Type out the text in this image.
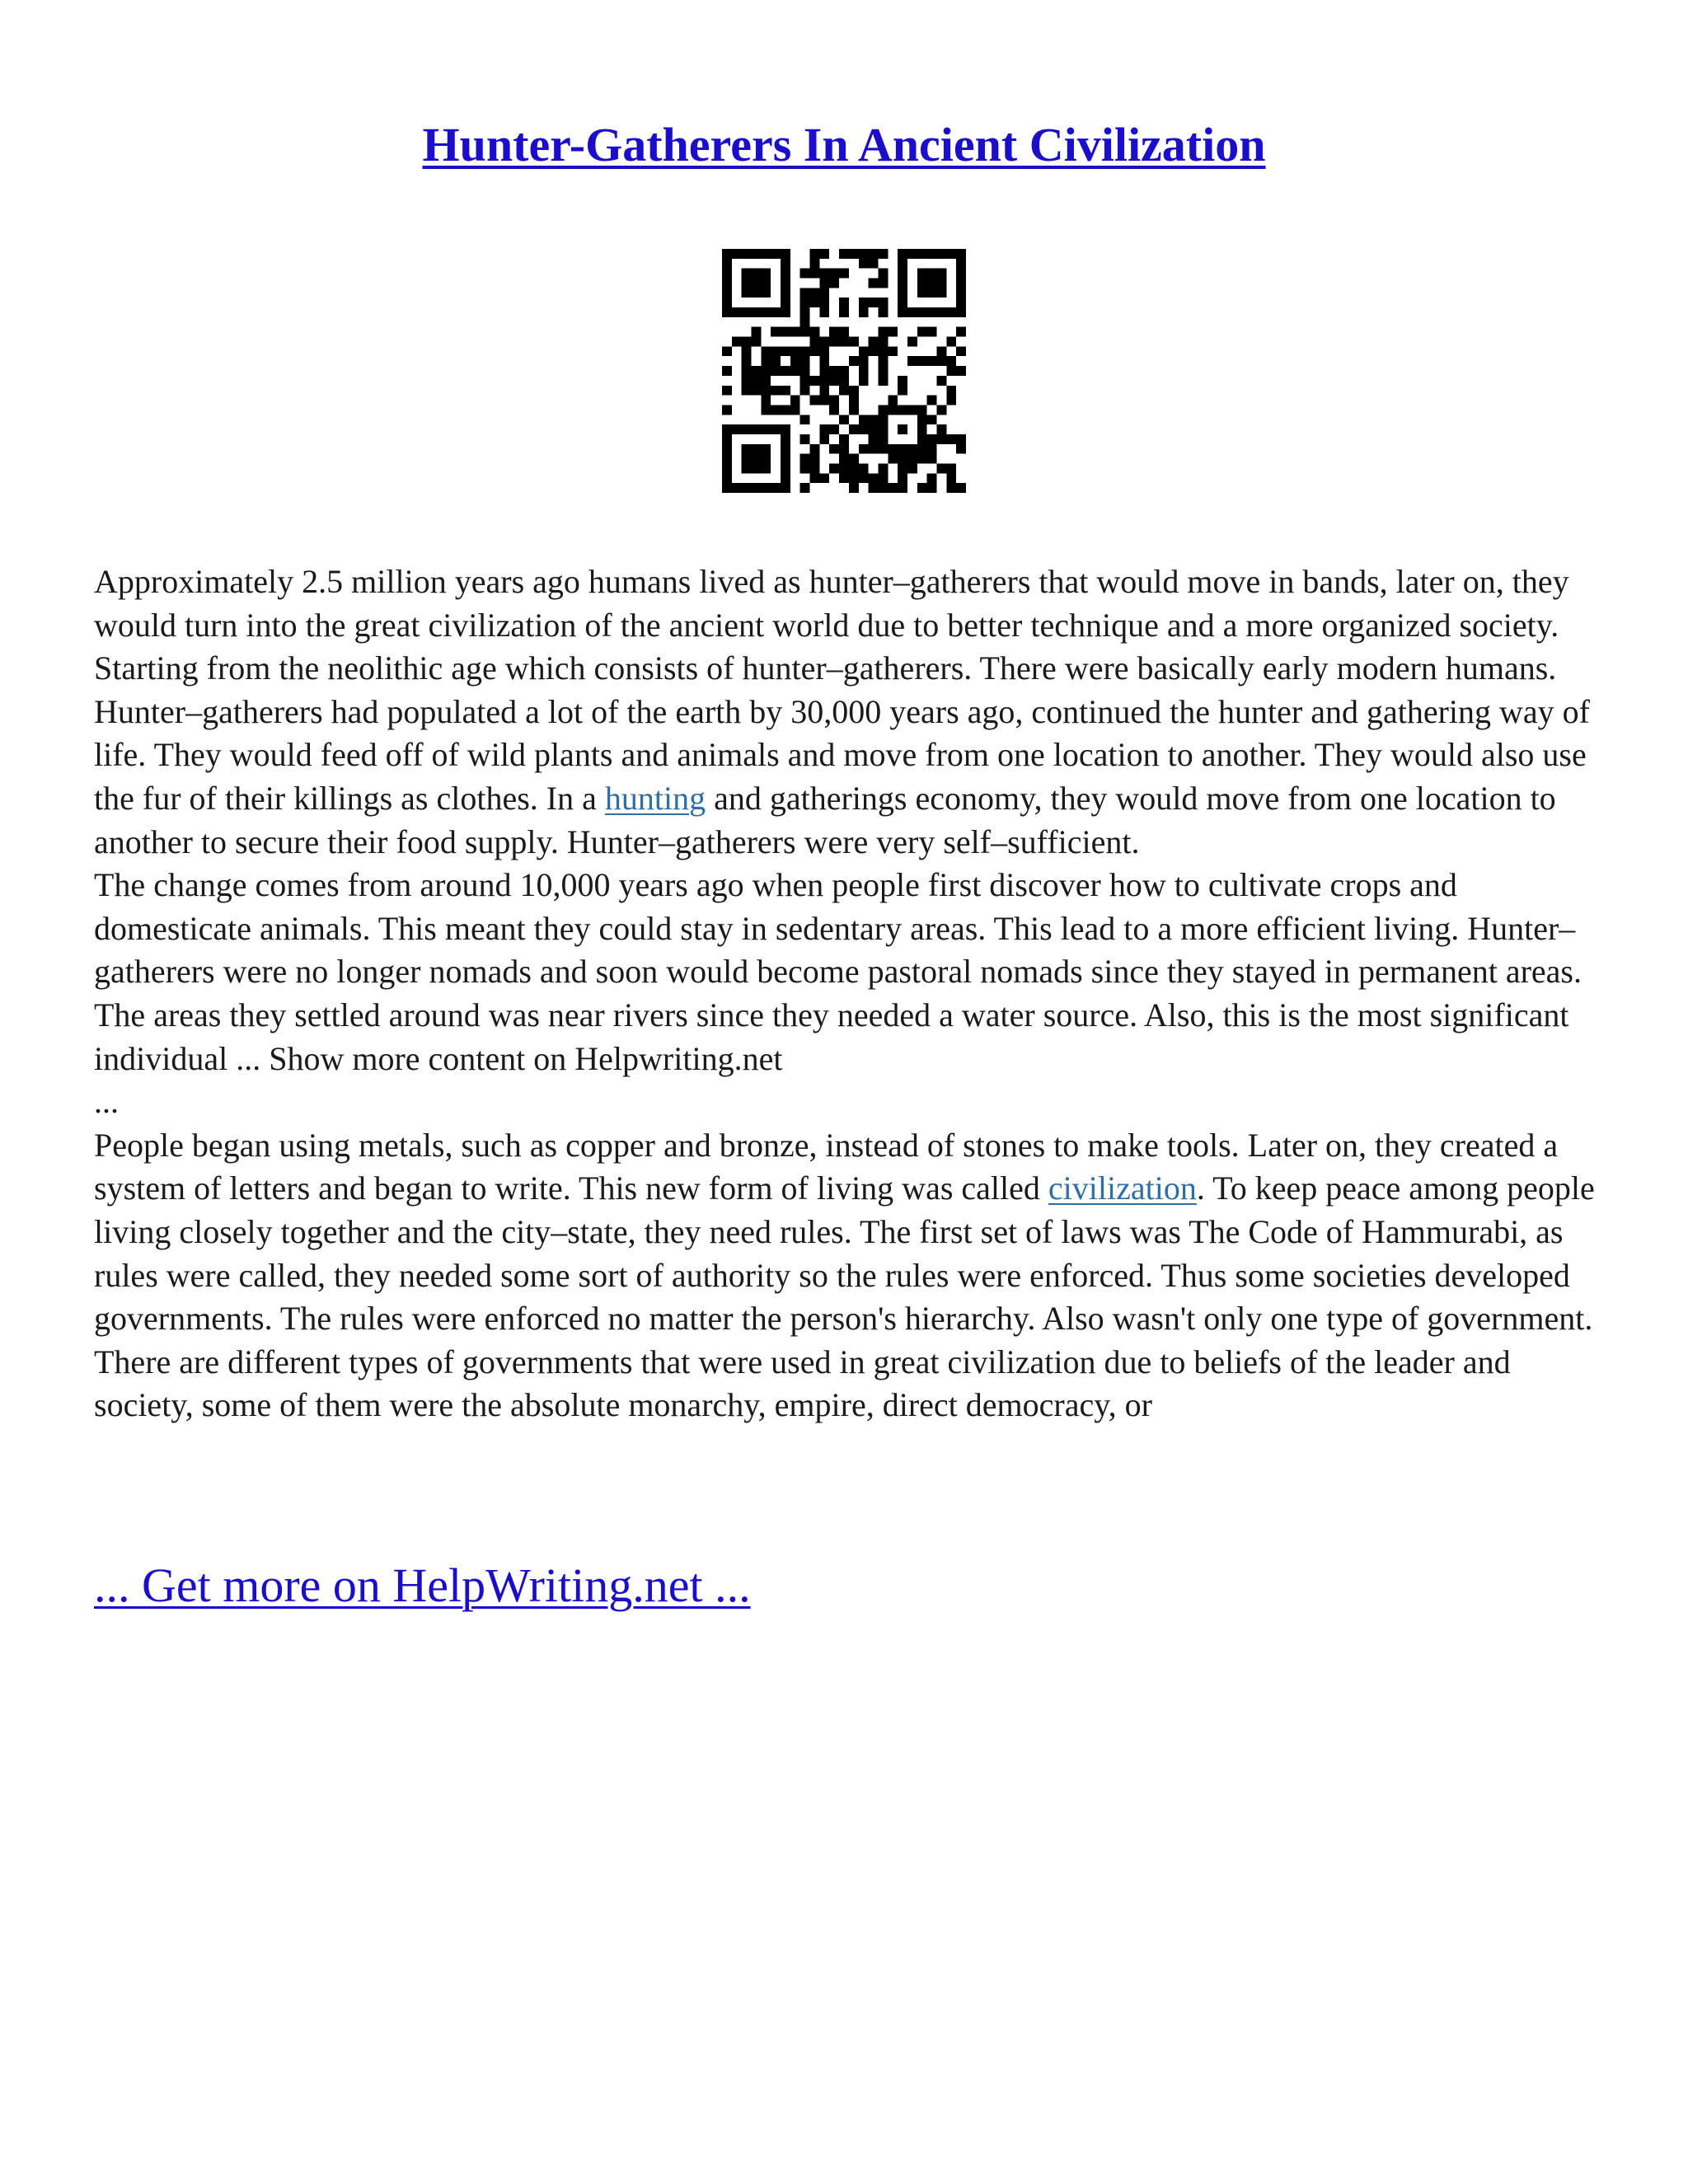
Hunter-Gatherers In Ancient Civilization

Approximately 2.5 million years ago humans lived as hunter–gatherers that would move in bands, later on, they would turn into the great civilization of the ancient world due to better technique and a more organized society. Starting from the neolithic age which consists of hunter–gatherers. There were basically early modern humans. Hunter–gatherers had populated a lot of the earth by 30,000 years ago, continued the hunter and gathering way of life. They would feed off of wild plants and animals and move from one location to another. They would also use the fur of their killings as clothes. In a hunting and gatherings economy, they would move from one location to another to secure their food supply. Hunter–gatherers were very self–sufficient.

The change comes from around 10,000 years ago when people first discover how to cultivate crops and domesticate animals. This meant they could stay in sedentary areas. This lead to a more efficient living. Hunter–gatherers were no longer nomads and soon would become pastoral nomads since they stayed in permanent areas. The areas they settled around was near rivers since they needed a water source. Also, this is the most significant individual ... Show more content on Helpwriting.net

...

People began using metals, such as copper and bronze, instead of stones to make tools. Later on, they created a system of letters and began to write. This new form of living was called civilization. To keep peace among people living closely together and the city–state, they need rules. The first set of laws was The Code of Hammurabi, as rules were called, they needed some sort of authority so the rules were enforced. Thus some societies developed governments. The rules were enforced no matter the person's hierarchy. Also wasn't only one type of government. There are different types of governments that were used in great civilization due to beliefs of the leader and society, some of them were the absolute monarchy, empire, direct democracy, or

... Get more on HelpWriting.net ...
